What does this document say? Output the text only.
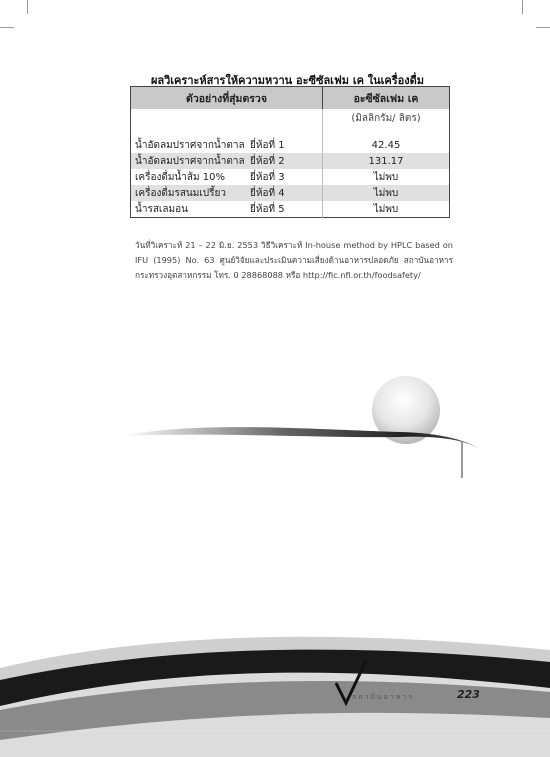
ผลวิเคราะห์สารให้ความหวาน อะซีซัลเฟม เค ในเครื่องดื่ม
ตัวอย่างที่สุ่มตรวจ	อะซีซัลเฟม เค
	(มิลลิกรัม/ ลิตร)

น้ำอัดลมปราศจากน้ำตาล ยี่ห้อที่ 1	42.45
น้ำอัดลมปราศจากน้ำตาล ยี่ห้อที่ 2	131.17
เครื่องดื่มน้ำส้ม 10% ยี่ห้อที่ 3	ไม่พบ
เครื่องดื่มรสนมเปรี้ยว ยี่ห้อที่ 4	ไม่พบ
น้ำรสเลมอน ยี่ห้อที่ 5	ไม่พบ
วันที่วิเคราะห์ 21 – 22 มิ.ย. 2553 วิธีวิเคราะห์ In-house method by HPLC based on IFU (1995) No. 63 ศูนย์วิจัยและประเมินความเสี่ยงด้านอาหารปลอดภัย สถาบันอาหาร กระทรวงอุตสาหกรรม โทร. 0 28868088 หรือ http://fic.nfi.or.th/foodsafety/
สถาบันอาหาร	223
